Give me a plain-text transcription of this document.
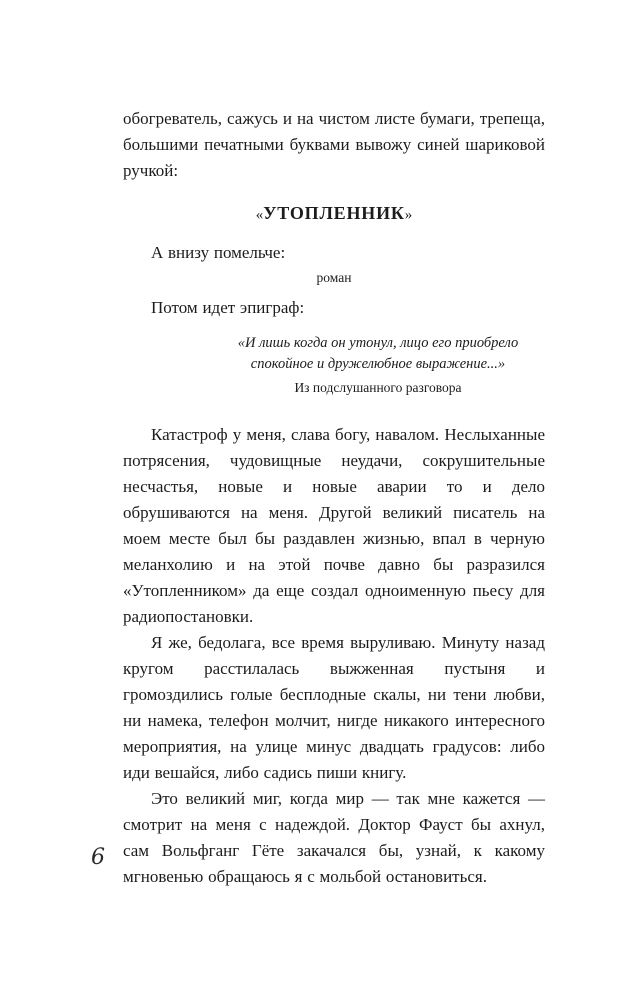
обогреватель, сажусь и на чистом листе бумаги, трепеща, большими печатными буквами вывожу синей шариковой ручкой:

«УТОПЛЕННИК»

А внизу помельче:

роман

Потом идет эпиграф:

«И лишь когда он утонул, лицо его приобрело
спокойное и дружелюбное выражение...»
Из подслушанного разговора

Катастроф у меня, слава богу, навалом. Неслыханные потрясения, чудовищные неудачи, сокрушительные несчастья, новые и новые аварии то и дело обрушиваются на меня. Другой великий писатель на моем месте был бы раздавлен жизнью, впал в черную меланхолию и на этой почве давно бы разразился «Утопленником» да еще создал одноименную пьесу для радиопостановки.

Я же, бедолага, все время выруливаю. Минуту назад кругом расстилалась выжженная пустыня и громоздились голые бесплодные скалы, ни тени любви, ни намека, телефон молчит, нигде никакого интересного мероприятия, на улице минус двадцать градусов: либо иди вешайся, либо садись пиши книгу.

Это великий миг, когда мир — так мне кажется — смотрит на меня с надеждой. Доктор Фауст бы ахнул, сам Вольфганг Гёте закачался бы, узнай, к какому мгновенью обращаюсь я с мольбой остановиться.

6
